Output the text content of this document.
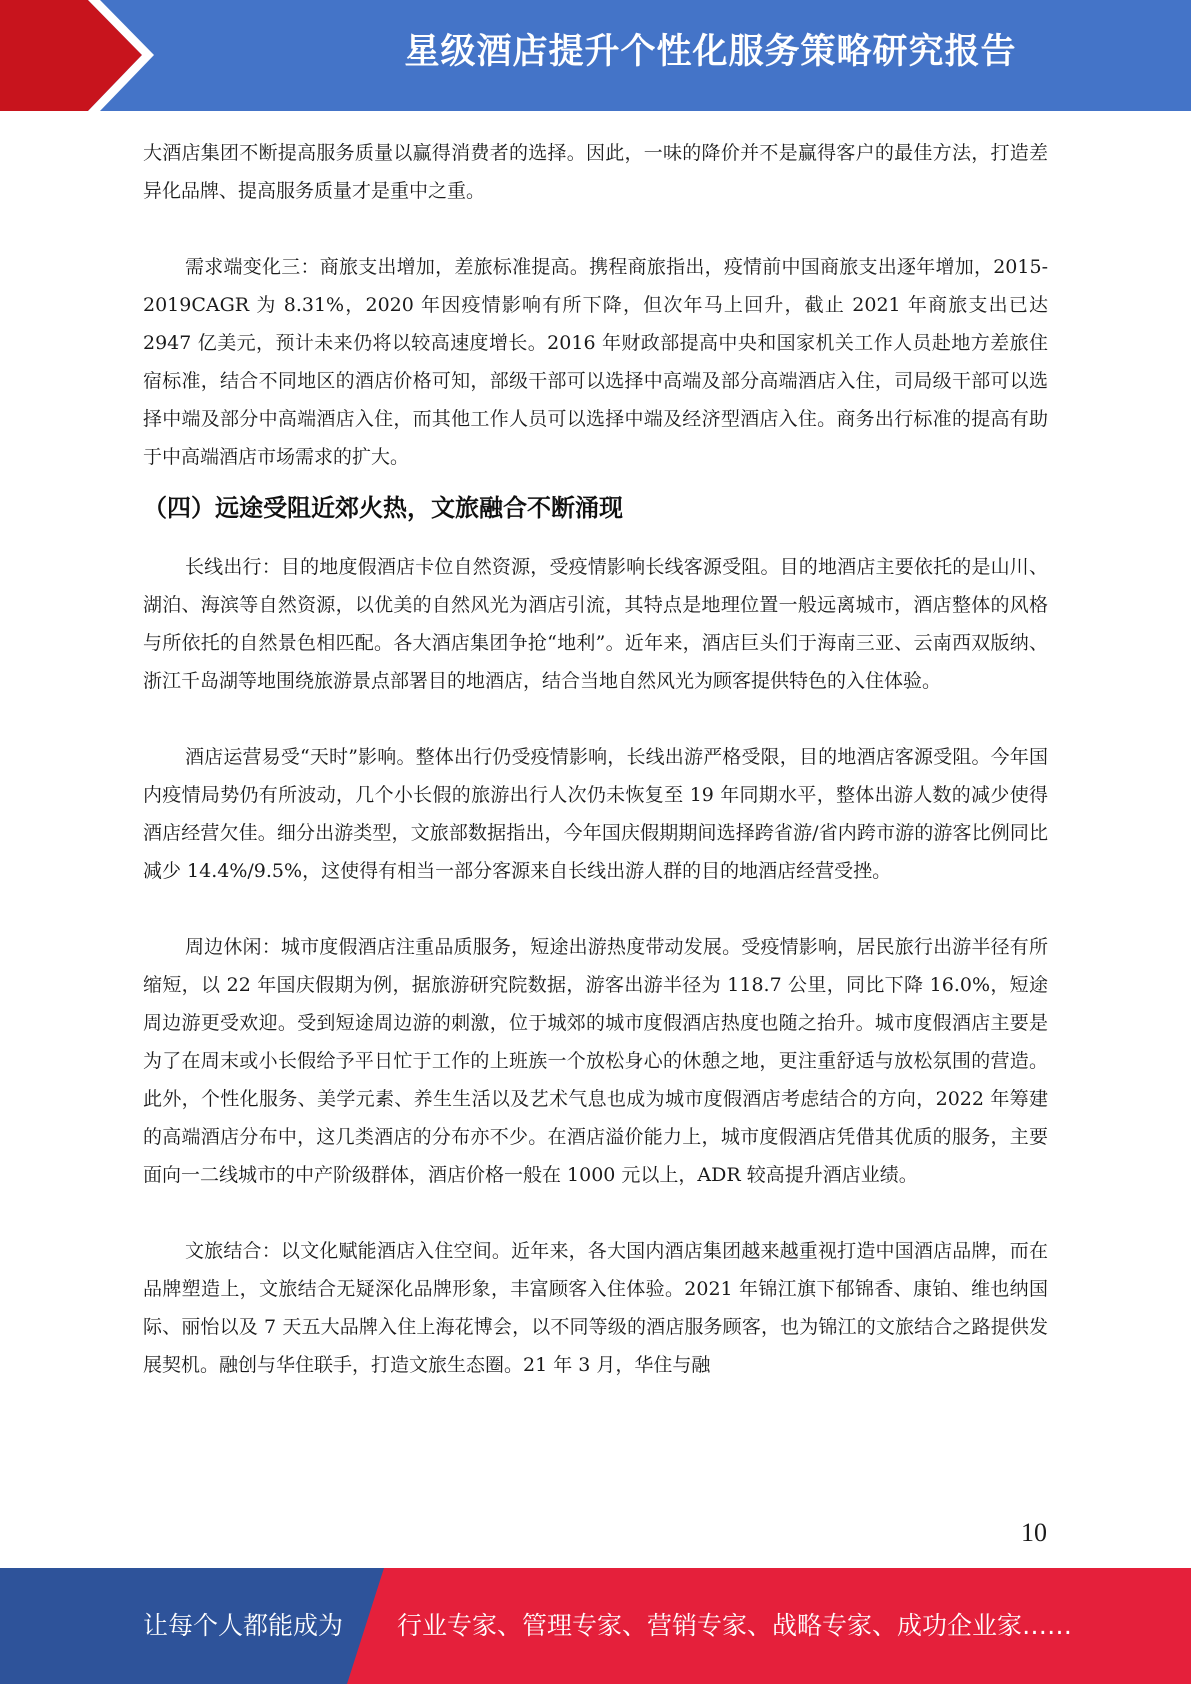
星级酒店提升个性化服务策略研究报告

大酒店集团不断提高服务质量以赢得消费者的选择。因此，一味的降价并不是赢得客户的最佳方法，打造差异化品牌、提高服务质量才是重中之重。

需求端变化三：商旅支出增加，差旅标准提高。携程商旅指出，疫情前中国商旅支出逐年增加，2015-2019CAGR 为 8.31%，2020 年因疫情影响有所下降，但次年马上回升，截止 2021 年商旅支出已达 2947 亿美元，预计未来仍将以较高速度增长。2016 年财政部提高中央和国家机关工作人员赴地方差旅住宿标准，结合不同地区的酒店价格可知，部级干部可以选择中高端及部分高端酒店入住，司局级干部可以选择中端及部分中高端酒店入住，而其他工作人员可以选择中端及经济型酒店入住。商务出行标准的提高有助于中高端酒店市场需求的扩大。

（四）远途受阻近郊火热，文旅融合不断涌现

长线出行：目的地度假酒店卡位自然资源，受疫情影响长线客源受阻。目的地酒店主要依托的是山川、湖泊、海滨等自然资源，以优美的自然风光为酒店引流，其特点是地理位置一般远离城市，酒店整体的风格与所依托的自然景色相匹配。各大酒店集团争抢“地利”。近年来，酒店巨头们于海南三亚、云南西双版纳、浙江千岛湖等地围绕旅游景点部署目的地酒店，结合当地自然风光为顾客提供特色的入住体验。

酒店运营易受“天时”影响。整体出行仍受疫情影响，长线出游严格受限，目的地酒店客源受阻。今年国内疫情局势仍有所波动，几个小长假的旅游出行人次仍未恢复至 19 年同期水平，整体出游人数的减少使得酒店经营欠佳。细分出游类型，文旅部数据指出，今年国庆假期期间选择跨省游/省内跨市游的游客比例同比减少 14.4%/9.5%，这使得有相当一部分客源来自长线出游人群的目的地酒店经营受挫。

周边休闲：城市度假酒店注重品质服务，短途出游热度带动发展。受疫情影响，居民旅行出游半径有所缩短，以 22 年国庆假期为例，据旅游研究院数据，游客出游半径为 118.7 公里，同比下降 16.0%，短途周边游更受欢迎。受到短途周边游的刺激，位于城郊的城市度假酒店热度也随之抬升。城市度假酒店主要是为了在周末或小长假给予平日忙于工作的上班族一个放松身心的休憩之地，更注重舒适与放松氛围的营造。此外，个性化服务、美学元素、养生生活以及艺术气息也成为城市度假酒店考虑结合的方向，2022 年筹建的高端酒店分布中，这几类酒店的分布亦不少。在酒店溢价能力上，城市度假酒店凭借其优质的服务，主要面向一二线城市的中产阶级群体，酒店价格一般在 1000 元以上，ADR 较高提升酒店业绩。

文旅结合：以文化赋能酒店入住空间。近年来，各大国内酒店集团越来越重视打造中国酒店品牌，而在品牌塑造上，文旅结合无疑深化品牌形象，丰富顾客入住体验。2021 年锦江旗下郁锦香、康铂、维也纳国际、丽怡以及 7 天五大品牌入住上海花博会，以不同等级的酒店服务顾客，也为锦江的文旅结合之路提供发展契机。融创与华住联手，打造文旅生态圈。21 年 3 月，华住与融

10
让每个人都能成为 行业专家、管理专家、营销专家、战略专家、成功企业家……
